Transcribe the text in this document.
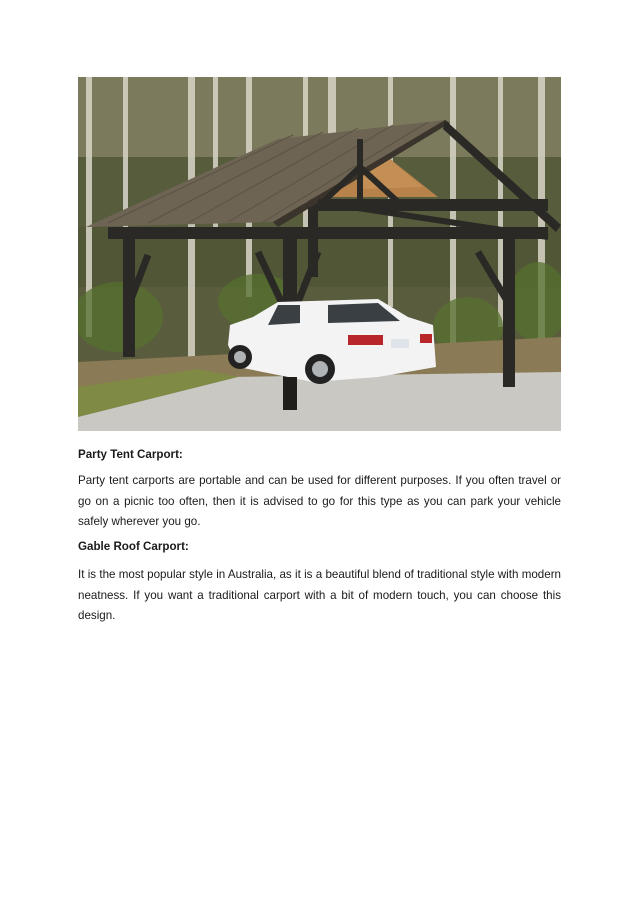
Party Tent Carport:

Party tent carports are portable and can be used for different purposes. If you often travel or go on a picnic too often, then it is advised to go for this type as you can park your vehicle safely wherever you go.

Gable Roof Carport:

It is the most popular style in Australia, as it is a beautiful blend of traditional style with modern neatness. If you want a traditional carport with a bit of modern touch, you can choose this design.
